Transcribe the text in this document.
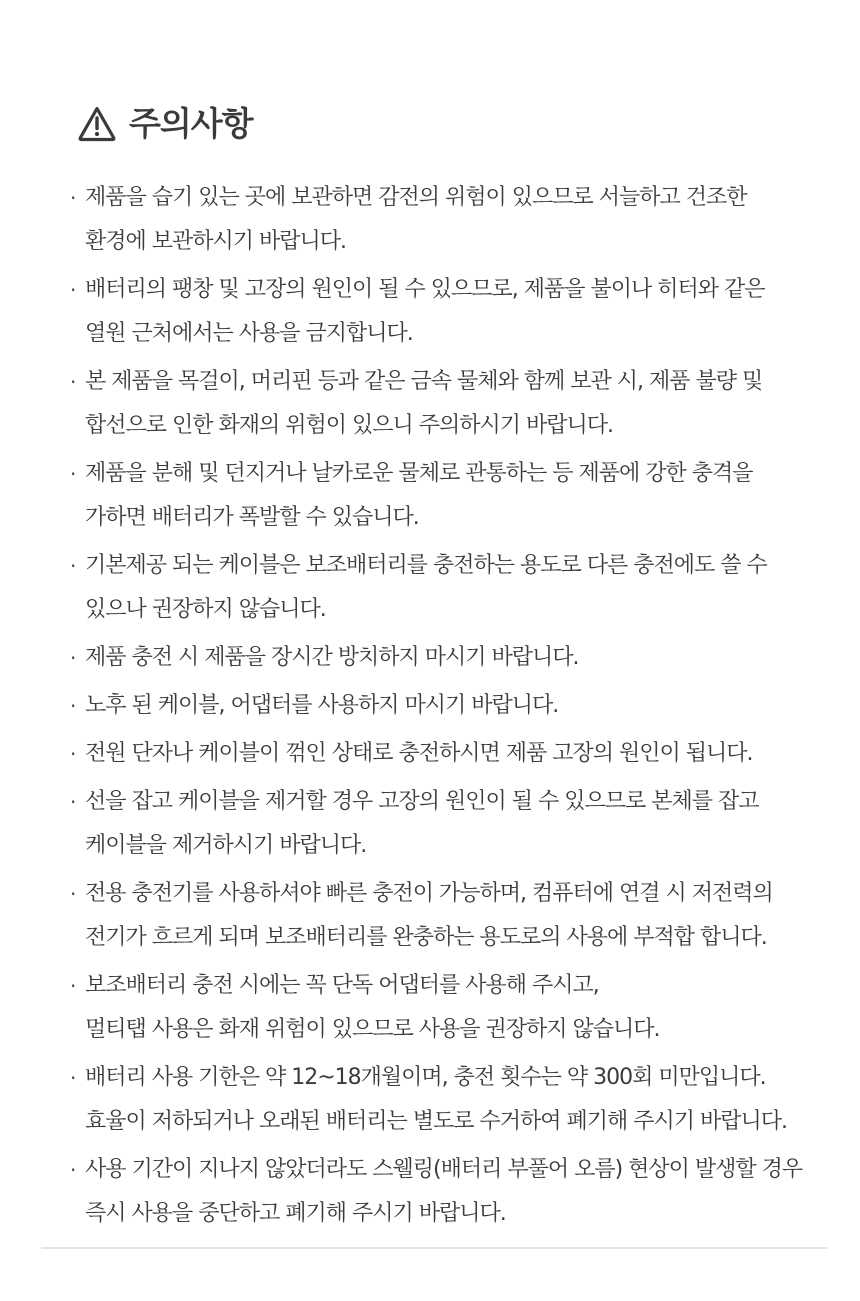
주의사항
· 제품을 습기 있는 곳에 보관하면 감전의 위험이 있으므로 서늘하고 건조한
환경에 보관하시기 바랍니다.
· 배터리의 팽창 및 고장의 원인이 될 수 있으므로, 제품을 불이나 히터와 같은
열원 근처에서는 사용을 금지합니다.
· 본 제품을 목걸이, 머리핀 등과 같은 금속 물체와 함께 보관 시, 제품 불량 및
합선으로 인한 화재의 위험이 있으니 주의하시기 바랍니다.
· 제품을 분해 및 던지거나 날카로운 물체로 관통하는 등 제품에 강한 충격을
가하면 배터리가 폭발할 수 있습니다.
· 기본제공 되는 케이블은 보조배터리를 충전하는 용도로 다른 충전에도 쓸 수
있으나 권장하지 않습니다.
· 제품 충전 시 제품을 장시간 방치하지 마시기 바랍니다.
· 노후 된 케이블, 어댑터를 사용하지 마시기 바랍니다.
· 전원 단자나 케이블이 꺾인 상태로 충전하시면 제품 고장의 원인이 됩니다.
· 선을 잡고 케이블을 제거할 경우 고장의 원인이 될 수 있으므로 본체를 잡고
케이블을 제거하시기 바랍니다.
· 전용 충전기를 사용하셔야 빠른 충전이 가능하며, 컴퓨터에 연결 시 저전력의
전기가 흐르게 되며 보조배터리를 완충하는 용도로의 사용에 부적합 합니다.
· 보조배터리 충전 시에는 꼭 단독 어댑터를 사용해 주시고,
멀티탭 사용은 화재 위험이 있으므로 사용을 권장하지 않습니다.
· 배터리 사용 기한은 약 12~18개월이며, 충전 횟수는 약 300회 미만입니다.
효율이 저하되거나 오래된 배터리는 별도로 수거하여 폐기해 주시기 바랍니다.
· 사용 기간이 지나지 않았더라도 스웰링(배터리 부풀어 오름) 현상이 발생할 경우
즉시 사용을 중단하고 폐기해 주시기 바랍니다.
